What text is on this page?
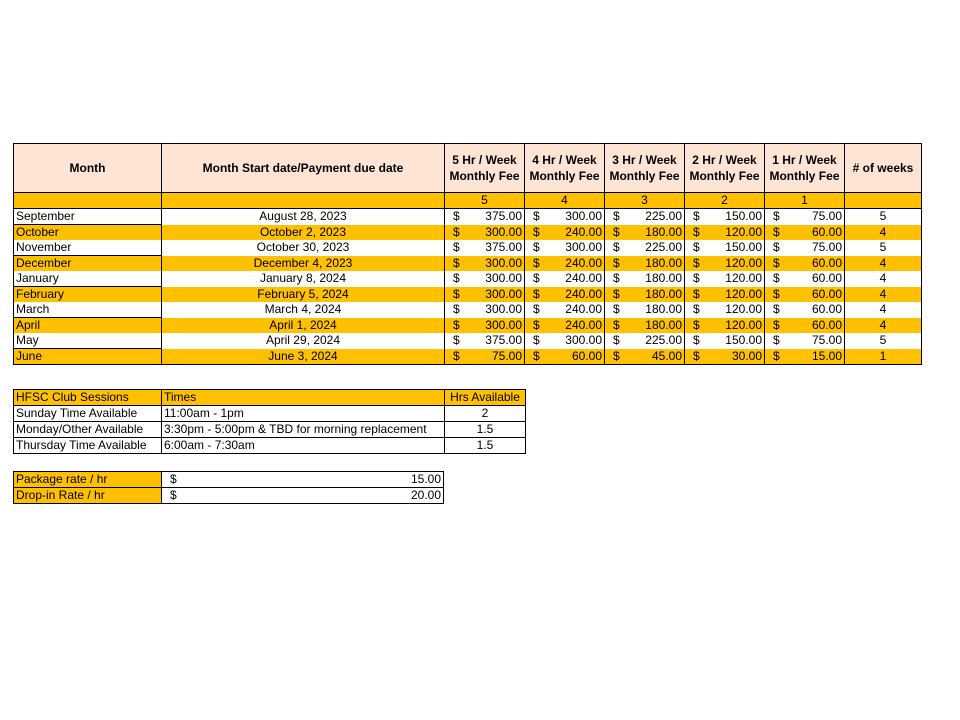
Month	Month Start date/Payment due date	5 Hr / Week Monthly Fee	4 Hr / Week Monthly Fee	3 Hr / Week Monthly Fee	2 Hr / Week Monthly Fee	1 Hr / Week Monthly Fee	# of weeks
		5	4	3	2	1	
September	August 28, 2023	$ 375.00	$ 300.00	$ 225.00	$ 150.00	$ 75.00	5
October	October 2, 2023	$ 300.00	$ 240.00	$ 180.00	$ 120.00	$ 60.00	4
November	October 30, 2023	$ 375.00	$ 300.00	$ 225.00	$ 150.00	$ 75.00	5
December	December 4, 2023	$ 300.00	$ 240.00	$ 180.00	$ 120.00	$ 60.00	4
January	January 8, 2024	$ 300.00	$ 240.00	$ 180.00	$ 120.00	$ 60.00	4
February	February 5, 2024	$ 300.00	$ 240.00	$ 180.00	$ 120.00	$ 60.00	4
March	March 4, 2024	$ 300.00	$ 240.00	$ 180.00	$ 120.00	$ 60.00	4
April	April 1, 2024	$ 300.00	$ 240.00	$ 180.00	$ 120.00	$ 60.00	4
May	April 29, 2024	$ 375.00	$ 300.00	$ 225.00	$ 150.00	$ 75.00	5
June	June 3, 2024	$ 75.00	$ 60.00	$ 45.00	$ 30.00	$ 15.00	1
HFSC Club Sessions	Times	Hrs Available
Sunday Time Available	11:00am - 1pm	2
Monday/Other Available	3:30pm - 5:00pm & TBD for morning replacement	1.5
Thursday Time Available	6:00am - 7:30am	1.5
Package rate / hr	$ 15.00

Drop-in Rate / hr	$ 20.00
